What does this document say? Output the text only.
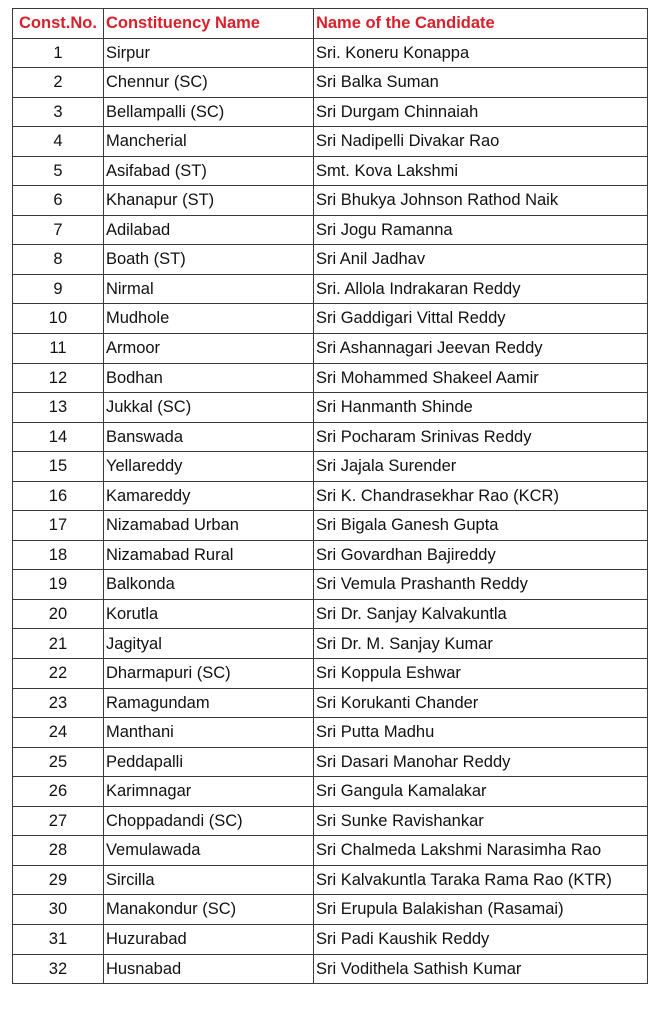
Const.No.	Constituency Name	Name of the Candidate
1	Sirpur	Sri. Koneru Konappa
2	Chennur (SC)	Sri Balka Suman
3	Bellampalli (SC)	Sri Durgam Chinnaiah
4	Mancherial	Sri Nadipelli Divakar Rao
5	Asifabad (ST)	Smt. Kova Lakshmi
6	Khanapur (ST)	Sri Bhukya Johnson Rathod Naik
7	Adilabad	Sri Jogu Ramanna
8	Boath (ST)	Sri Anil Jadhav
9	Nirmal	Sri. Allola Indrakaran Reddy
10	Mudhole	Sri Gaddigari Vittal Reddy
11	Armoor	Sri Ashannagari Jeevan Reddy
12	Bodhan	Sri Mohammed Shakeel Aamir
13	Jukkal (SC)	Sri Hanmanth Shinde
14	Banswada	Sri Pocharam Srinivas Reddy
15	Yellareddy	Sri Jajala Surender
16	Kamareddy	Sri K. Chandrasekhar Rao (KCR)
17	Nizamabad Urban	Sri Bigala Ganesh Gupta
18	Nizamabad Rural	Sri Govardhan Bajireddy
19	Balkonda	Sri Vemula Prashanth Reddy
20	Korutla	Sri Dr. Sanjay Kalvakuntla
21	Jagityal	Sri Dr. M. Sanjay Kumar
22	Dharmapuri (SC)	Sri Koppula Eshwar
23	Ramagundam	Sri Korukanti Chander
24	Manthani	Sri Putta Madhu
25	Peddapalli	Sri Dasari Manohar Reddy
26	Karimnagar	Sri Gangula Kamalakar
27	Choppadandi (SC)	Sri Sunke Ravishankar
28	Vemulawada	Sri Chalmeda Lakshmi Narasimha Rao
29	Sircilla	Sri Kalvakuntla Taraka Rama Rao (KTR)
30	Manakondur (SC)	Sri Erupula Balakishan (Rasamai)
31	Huzurabad	Sri Padi Kaushik Reddy
32	Husnabad	Sri Vodithela Sathish Kumar
